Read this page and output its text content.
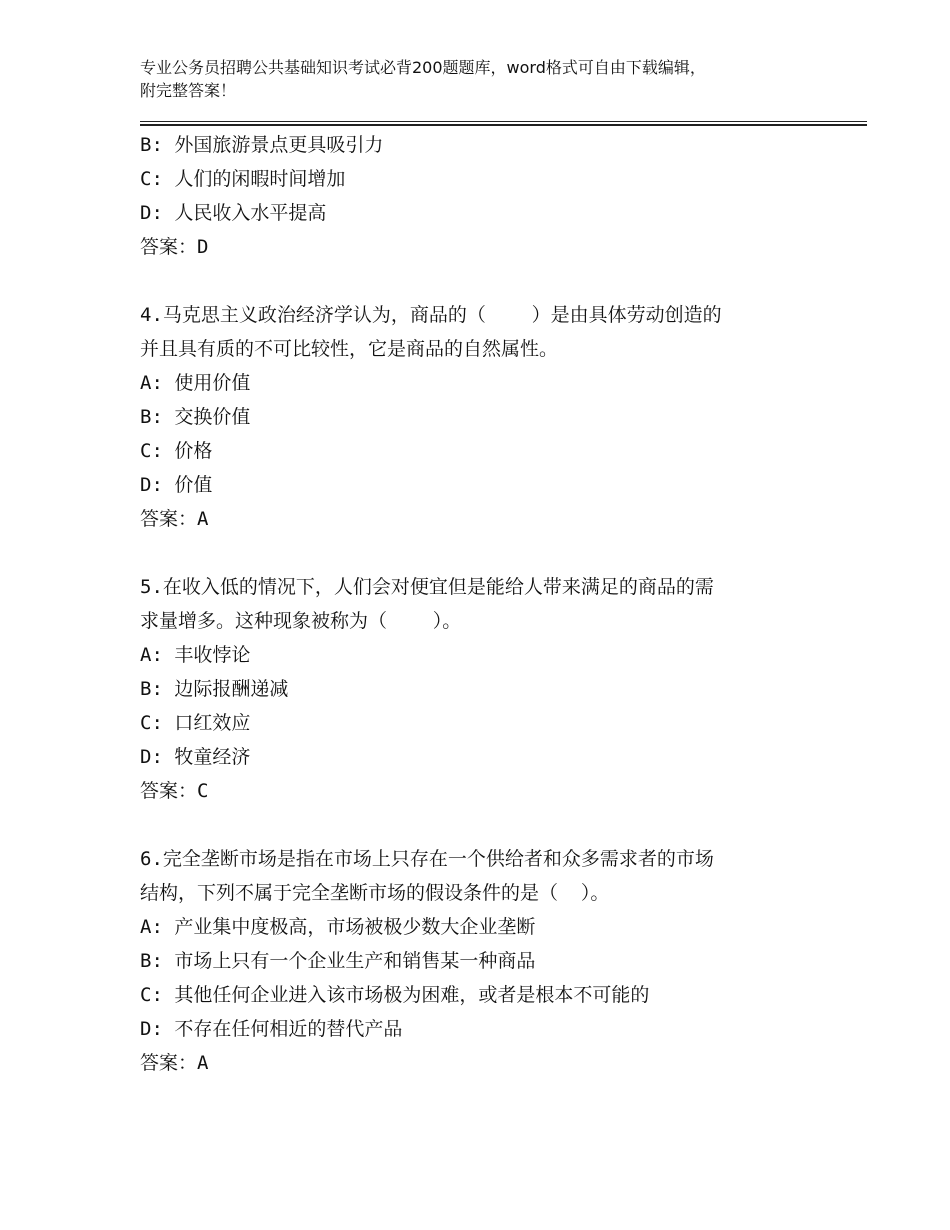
专业公务员招聘公共基础知识考试必背200题题库，word格式可自由下载编辑，
附完整答案！
B: 外国旅游景点更具吸引力
C: 人们的闲暇时间增加
D: 人民收入水平提高
答案：D
4.马克思主义政治经济学认为，商品的（    ）是由具体劳动创造的
并且具有质的不可比较性，它是商品的自然属性。
A: 使用价值
B: 交换价值
C: 价格
D: 价值
答案：A
5.在收入低的情况下，人们会对便宜但是能给人带来满足的商品的需
求量增多。这种现象被称为（    ）。
A: 丰收悖论
B: 边际报酬递减
C: 口红效应
D: 牧童经济
答案：C
6.完全垄断市场是指在市场上只存在一个供给者和众多需求者的市场
结构，下列不属于完全垄断市场的假设条件的是（  ）。
A: 产业集中度极高，市场被极少数大企业垄断
B: 市场上只有一个企业生产和销售某一种商品
C: 其他任何企业进入该市场极为困难，或者是根本不可能的
D: 不存在任何相近的替代产品
答案：A
